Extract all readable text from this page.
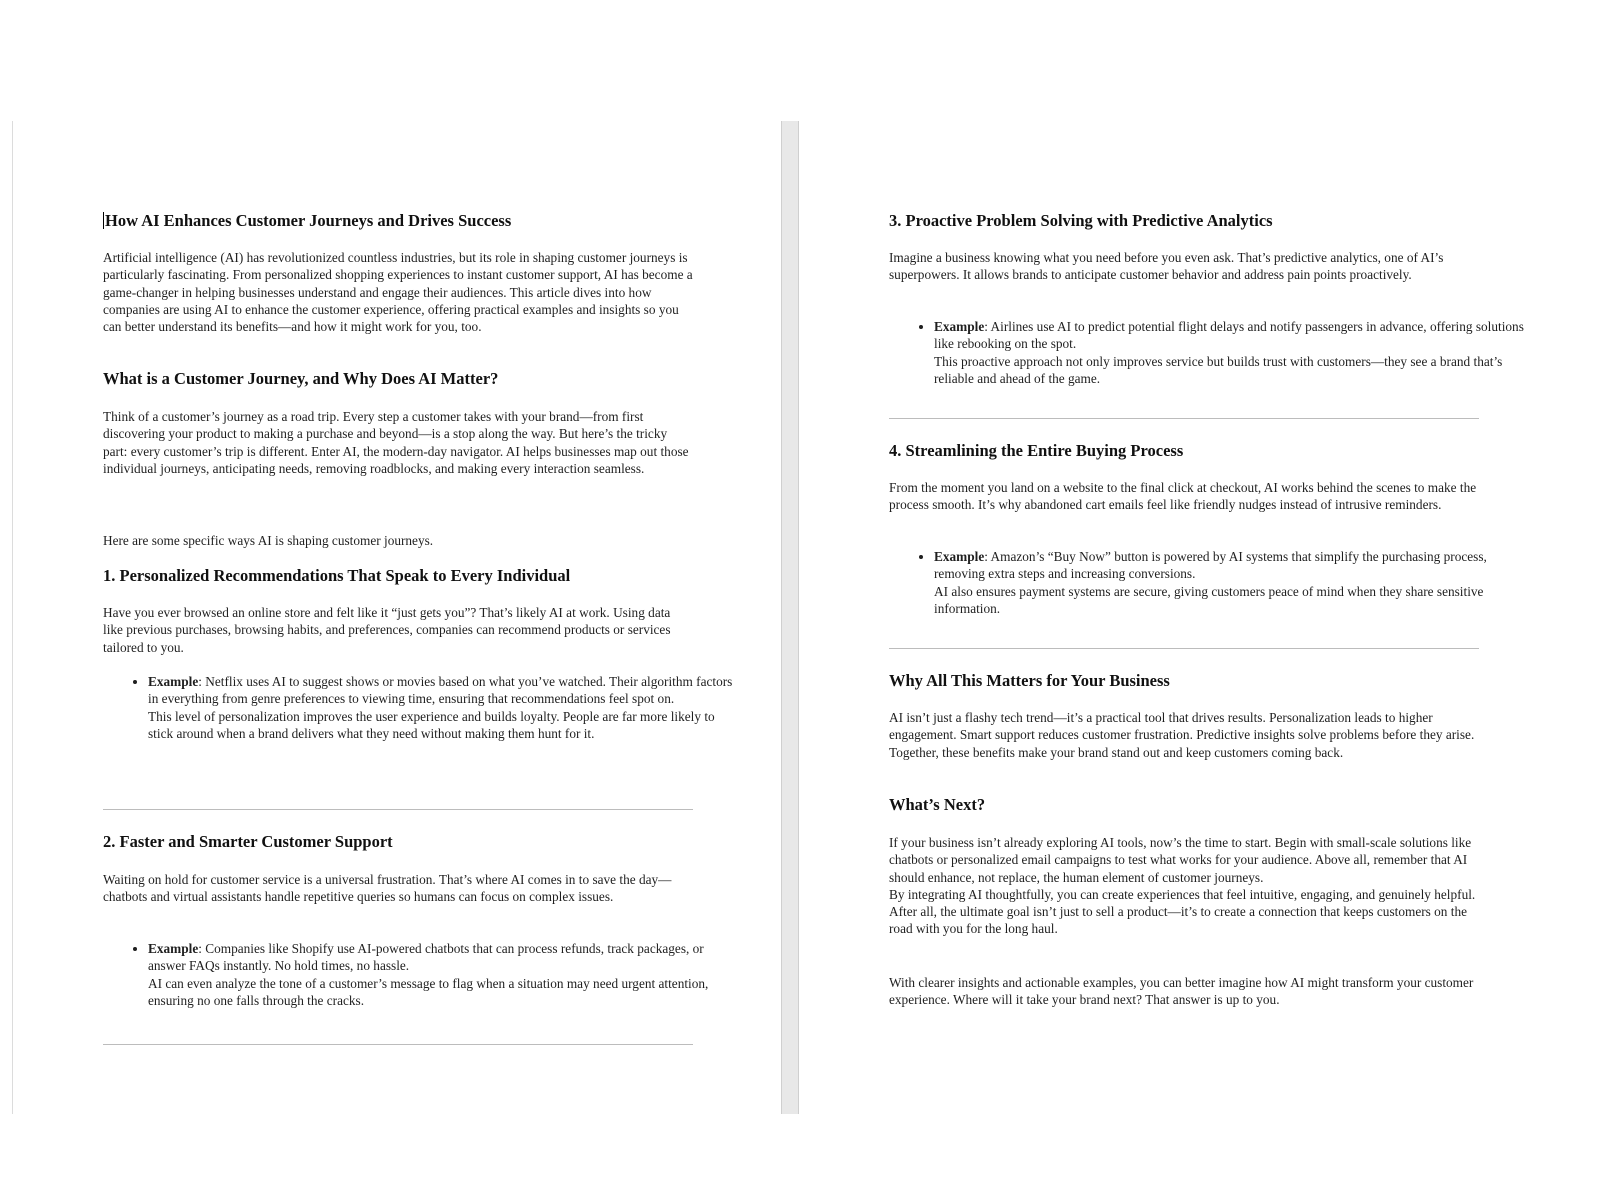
How AI Enhances Customer Journeys and Drives Success

Artificial intelligence (AI) has revolutionized countless industries, but its role in shaping customer journeys is particularly fascinating. From personalized shopping experiences to instant customer support, AI has become a game-changer in helping businesses understand and engage their audiences. This article dives into how companies are using AI to enhance the customer experience, offering practical examples and insights so you can better understand its benefits—and how it might work for you, too.

What is a Customer Journey, and Why Does AI Matter?

Think of a customer’s journey as a road trip. Every step a customer takes with your brand—from first discovering your product to making a purchase and beyond—is a stop along the way. But here’s the tricky part: every customer’s trip is different. Enter AI, the modern-day navigator. AI helps businesses map out those individual journeys, anticipating needs, removing roadblocks, and making every interaction seamless.

Here are some specific ways AI is shaping customer journeys.

1. Personalized Recommendations That Speak to Every Individual

Have you ever browsed an online store and felt like it “just gets you”? That’s likely AI at work. Using data like previous purchases, browsing habits, and preferences, companies can recommend products or services tailored to you.

• Example: Netflix uses AI to suggest shows or movies based on what you’ve watched. Their algorithm factors in everything from genre preferences to viewing time, ensuring that recommendations feel spot on.
This level of personalization improves the user experience and builds loyalty. People are far more likely to stick around when a brand delivers what they need without making them hunt for it.
2. Faster and Smarter Customer Support

Waiting on hold for customer service is a universal frustration. That’s where AI comes in to save the day—chatbots and virtual assistants handle repetitive queries so humans can focus on complex issues.

• Example: Companies like Shopify use AI-powered chatbots that can process refunds, track packages, or answer FAQs instantly. No hold times, no hassle.
AI can even analyze the tone of a customer’s message to flag when a situation may need urgent attention, ensuring no one falls through the cracks.
3. Proactive Problem Solving with Predictive Analytics

Imagine a business knowing what you need before you even ask. That’s predictive analytics, one of AI’s superpowers. It allows brands to anticipate customer behavior and address pain points proactively.

• Example: Airlines use AI to predict potential flight delays and notify passengers in advance, offering solutions like rebooking on the spot.
This proactive approach not only improves service but builds trust with customers—they see a brand that’s reliable and ahead of the game.
4. Streamlining the Entire Buying Process

From the moment you land on a website to the final click at checkout, AI works behind the scenes to make the process smooth. It’s why abandoned cart emails feel like friendly nudges instead of intrusive reminders.

• Example: Amazon’s “Buy Now” button is powered by AI systems that simplify the purchasing process, removing extra steps and increasing conversions.
AI also ensures payment systems are secure, giving customers peace of mind when they share sensitive information.
Why All This Matters for Your Business

AI isn’t just a flashy tech trend—it’s a practical tool that drives results. Personalization leads to higher engagement. Smart support reduces customer frustration. Predictive insights solve problems before they arise. Together, these benefits make your brand stand out and keep customers coming back.

What’s Next?

If your business isn’t already exploring AI tools, now’s the time to start. Begin with small-scale solutions like chatbots or personalized email campaigns to test what works for your audience. Above all, remember that AI should enhance, not replace, the human element of customer journeys.
By integrating AI thoughtfully, you can create experiences that feel intuitive, engaging, and genuinely helpful. After all, the ultimate goal isn’t just to sell a product—it’s to create a connection that keeps customers on the road with you for the long haul.

With clearer insights and actionable examples, you can better imagine how AI might transform your customer experience. Where will it take your brand next? That answer is up to you.
